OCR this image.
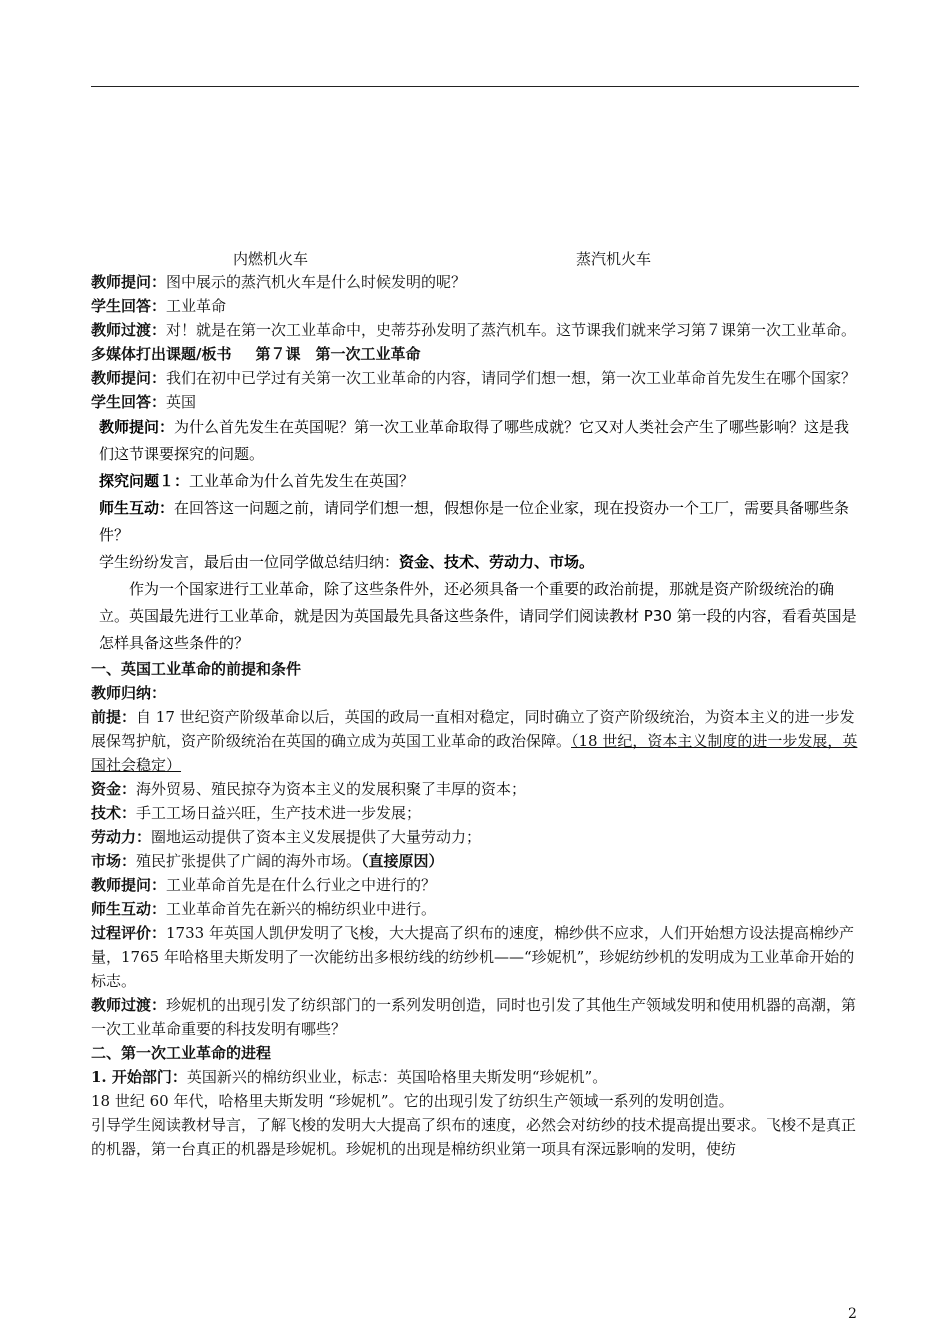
内燃机火车	蒸汽机火车

教师提问：图中展示的蒸汽机火车是什么时候发明的呢？

学生回答：工业革命

教师过渡：对！就是在第一次工业革命中，史蒂芬孙发明了蒸汽机车。这节课我们就来学习第７课第一次工业革命。

多媒体打出课题/板书 第７课　第一次工业革命

教师提问：我们在初中已学过有关第一次工业革命的内容，请同学们想一想，第一次工业革命首先发生在哪个国家？

学生回答：英国

教师提问：为什么首先发生在英国呢？第一次工业革命取得了哪些成就？它又对人类社会产生了哪些影响？这是我们这节课要探究的问题。

探究问题１：工业革命为什么首先发生在英国？

师生互动：在回答这一问题之前，请同学们想一想，假想你是一位企业家，现在投资办一个工厂，需要具备哪些条件？

学生纷纷发言，最后由一位同学做总结归纳：资金、技术、劳动力、市场。

作为一个国家进行工业革命，除了这些条件外，还必须具备一个重要的政治前提，那就是资产阶级统治的确立。英国最先进行工业革命，就是因为英国最先具备这些条件，请同学们阅读教材 P30 第一段的内容，看看英国是怎样具备这些条件的？

一、英国工业革命的前提和条件

教师归纳：

前提：自 17 世纪资产阶级革命以后，英国的政局一直相对稳定，同时确立了资产阶级统治，为资本主义的进一步发展保驾护航，资产阶级统治在英国的确立成为英国工业革命的政治保障。（18 世纪，资本主义制度的进一步发展，英国社会稳定）

资金：海外贸易、殖民掠夺为资本主义的发展积聚了丰厚的资本；

技术：手工工场日益兴旺，生产技术进一步发展；

劳动力：圈地运动提供了资本主义发展提供了大量劳动力；

市场：殖民扩张提供了广阔的海外市场。（直接原因）

教师提问：工业革命首先是在什么行业之中进行的？

师生互动：工业革命首先在新兴的棉纺织业中进行。

过程评价：1733 年英国人凯伊发明了飞梭，大大提高了织布的速度，棉纱供不应求，人们开始想方设法提高棉纱产量，1765 年哈格里夫斯发明了一次能纺出多根纺线的纺纱机——“珍妮机”，珍妮纺纱机的发明成为工业革命开始的标志。

教师过渡：珍妮机的出现引发了纺织部门的一系列发明创造，同时也引发了其他生产领域发明和使用机器的高潮，第一次工业革命重要的科技发明有哪些？

二、第一次工业革命的进程

1. 开始部门：英国新兴的棉纺织业业，标志：英国哈格里夫斯发明“珍妮机”。

18 世纪 60 年代，哈格里夫斯发明 “珍妮机”。它的出现引发了纺织生产领域一系列的发明创造。

引导学生阅读教材导言，了解飞梭的发明大大提高了织布的速度，必然会对纺纱的技术提高提出要求。飞梭不是真正的机器，第一台真正的机器是珍妮机。珍妮机的出现是棉纺织业第一项具有深远影响的发明，使纺

2
